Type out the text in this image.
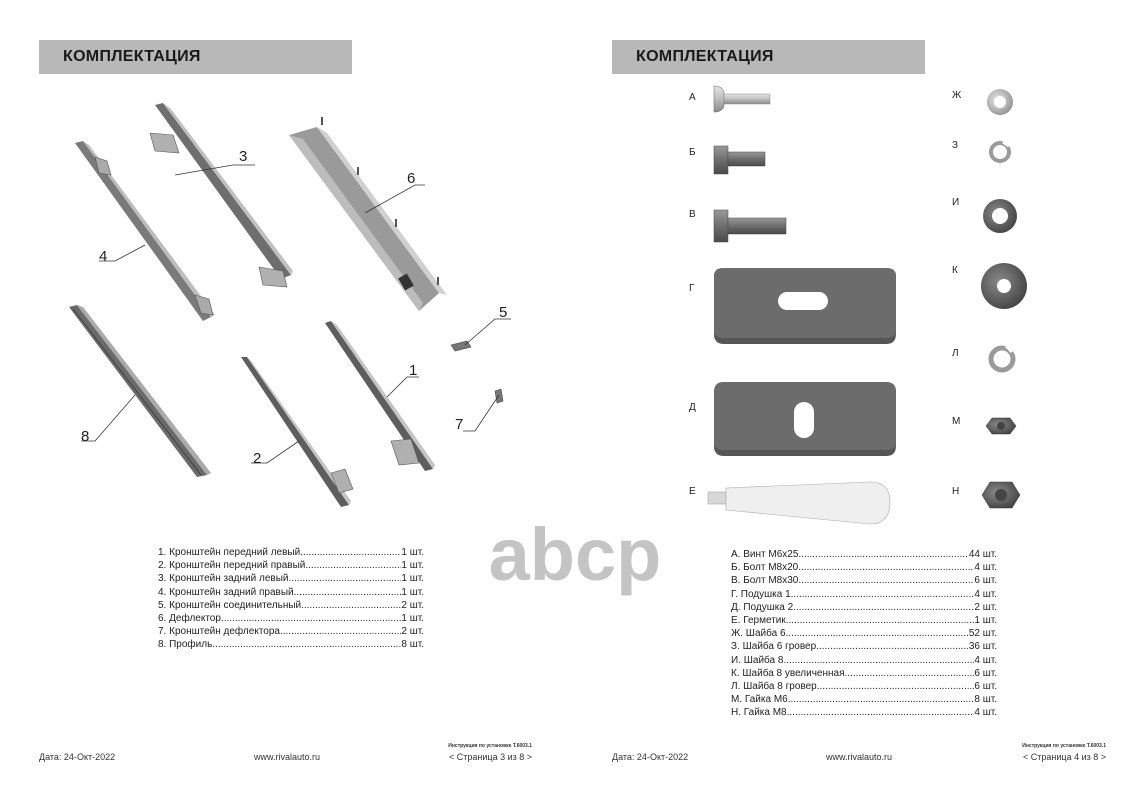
КОМПЛЕКТАЦИЯ
1
2
3
4
5
6
7
8
1. Кронштейн передний левый .....	1 шт.
2. Кронштейн передний правый .....	1 шт.
3. Кронштейн задний левый .....	1 шт.
4. Кронштейн задний правый .....	1 шт.
5. Кронштейн соединительный .....	2 шт.
6. Дефлектор .....	1 шт.
7. Кронштейн дефлектора .....	2 шт.
8. Профиль .....	8 шт.
Дата: 24-Окт-2022	www.rivalauto.ru
Инструкция по установке Т.6003.1
< Страница 3 из 8 >
abcp
КОМПЛЕКТАЦИЯ
А
Б
В
Г
Д
Е
Ж
З
И
К
Л
М
Н
А. Винт М6х25 .....	44 шт.
Б. Болт М8х20 .....	4 шт.
В. Болт М8х30 .....	6 шт.
Г. Подушка 1 .....	4 шт.
Д. Подушка 2 .....	2 шт.
Е. Герметик .....	1 шт.
Ж. Шайба 6 .....	52 шт.
З. Шайба 6 гровер .....	36 шт.
И. Шайба 8 .....	4 шт.
К. Шайба 8 увеличенная .....	6 шт.
Л. Шайба 8 гровер .....	6 шт.
М. Гайка М6 .....	8 шт.
Н. Гайка М8 .....	4 шт.
Дата: 24-Окт-2022	www.rivalauto.ru
Инструкция по установке Т.6003.1
< Страница 4 из 8 >
